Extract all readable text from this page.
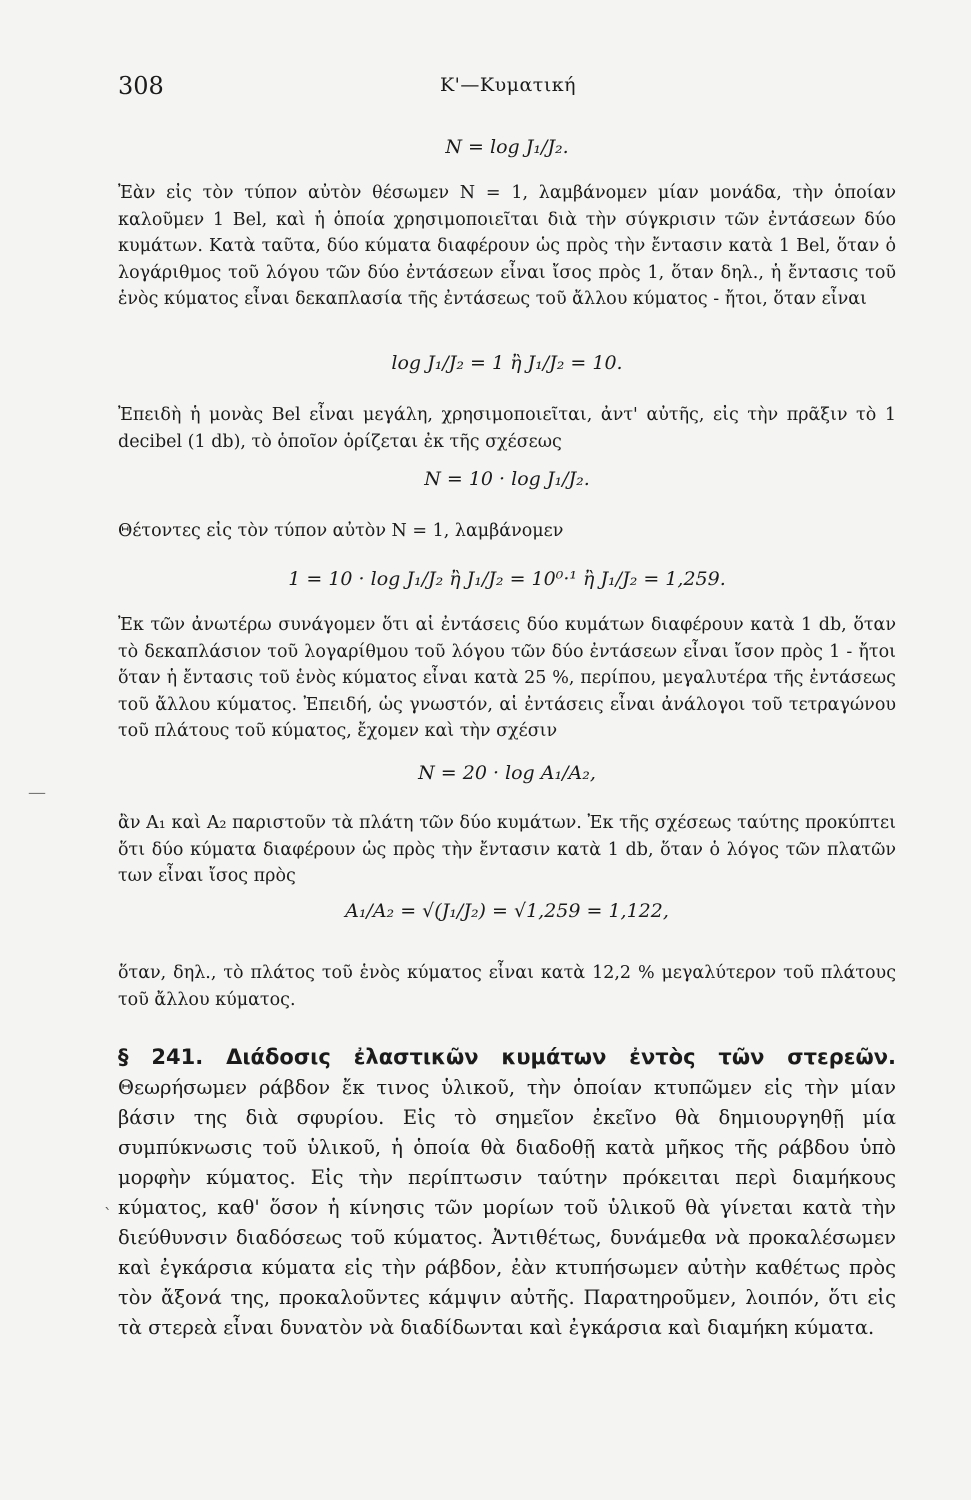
308	Κ'—Κυματική
N = log J₁/J₂.

Ἐὰν εἰς τὸν τύπον αὐτὸν θέσωμεν N = 1, λαμβάνομεν μίαν μονάδα, τὴν ὁποίαν καλοῦμεν 1 Bel, καὶ ἡ ὁποία χρησιμοποιεῖται διὰ τὴν σύγκρισιν τῶν ἐντάσεων δύο κυμάτων. Κατὰ ταῦτα, δύο κύματα διαφέρουν ὡς πρὸς τὴν ἔντασιν κατὰ 1 Bel, ὅταν ὁ λογάριθμος τοῦ λόγου τῶν δύο ἐντάσεων εἶναι ἴσος πρὸς 1, ὅταν δηλ., ἡ ἔντασις τοῦ ἑνὸς κύματος εἶναι δεκαπλασία τῆς ἐντάσεως τοῦ ἄλλου κύματος - ἤτοι, ὅταν εἶναι

log J₁/J₂ = 1 ἢ J₁/J₂ = 10.

Ἐπειδὴ ἡ μονὰς Bel εἶναι μεγάλη, χρησιμοποιεῖται, ἀντ' αὐτῆς, εἰς τὴν πρᾶξιν τὸ 1 decibel (1 db), τὸ ὁποῖον ὁρίζεται ἐκ τῆς σχέσεως

N = 10 · log J₁/J₂.

Θέτοντες εἰς τὸν τύπον αὐτὸν N = 1, λαμβάνομεν

1 = 10 · log J₁/J₂ ἢ J₁/J₂ = 10⁰·¹ ἢ J₁/J₂ = 1,259.

Ἐκ τῶν ἀνωτέρω συνάγομεν ὅτι αἱ ἐντάσεις δύο κυμάτων διαφέρουν κατὰ 1 db, ὅταν τὸ δεκαπλάσιον τοῦ λογαρίθμου τοῦ λόγου τῶν δύο ἐντάσεων εἶναι ἴσον πρὸς 1 - ἤτοι ὅταν ἡ ἔντασις τοῦ ἑνὸς κύματος εἶναι κατὰ 25 %, περίπου, μεγαλυτέρα τῆς ἐντάσεως τοῦ ἄλλου κύματος. Ἐπειδή, ὡς γνωστόν, αἱ ἐντάσεις εἶναι ἀνάλογοι τοῦ τετραγώνου τοῦ πλάτους τοῦ κύματος, ἔχομεν καὶ τὴν σχέσιν

N = 20 · log A₁/A₂,

ἂν A₁ καὶ A₂ παριστοῦν τὰ πλάτη τῶν δύο κυμάτων. Ἐκ τῆς σχέσεως ταύτης προκύπτει ὅτι δύο κύματα διαφέρουν ὡς πρὸς τὴν ἔντασιν κατὰ 1 db, ὅταν ὁ λόγος τῶν πλατῶν των εἶναι ἴσος πρὸς

A₁/A₂ = √(J₁/J₂) = √1,259 = 1,122,

ὅταν, δηλ., τὸ πλάτος τοῦ ἑνὸς κύματος εἶναι κατὰ 12,2 % μεγαλύτερον τοῦ πλάτους τοῦ ἄλλου κύματος.

§ 241. Διάδοσις ἐλαστικῶν κυμάτων ἐντὸς τῶν στερεῶν. Θεωρήσωμεν ράβδον ἔκ τινος ὑλικοῦ, τὴν ὁποίαν κτυπῶμεν εἰς τὴν μίαν βάσιν της διὰ σφυρίου. Εἰς τὸ σημεῖον ἐκεῖνο θὰ δημιουργηθῇ μία συμπύκνωσις τοῦ ὑλικοῦ, ἡ ὁποία θὰ διαδοθῇ κατὰ μῆκος τῆς ράβδου ὑπὸ μορφὴν κύματος. Εἰς τὴν περίπτωσιν ταύτην πρόκειται περὶ διαμήκους κύματος, καθ' ὅσον ἡ κίνησις τῶν μορίων τοῦ ὑλικοῦ θὰ γίνεται κατὰ τὴν διεύθυνσιν διαδόσεως τοῦ κύματος. Ἀντιθέτως, δυνάμεθα νὰ προκαλέσωμεν καὶ ἐγκάρσια κύματα εἰς τὴν ράβδον, ἐὰν κτυπήσωμεν αὐτὴν καθέτως πρὸς τὸν ἄξονά της, προκαλοῦντες κάμψιν αὐτῆς. Παρατηροῦμεν, λοιπόν, ὅτι εἰς τὰ στερεὰ εἶναι δυνατὸν νὰ διαδίδωνται καὶ ἐγκάρσια καὶ διαμήκη κύματα.
—
ˋ
